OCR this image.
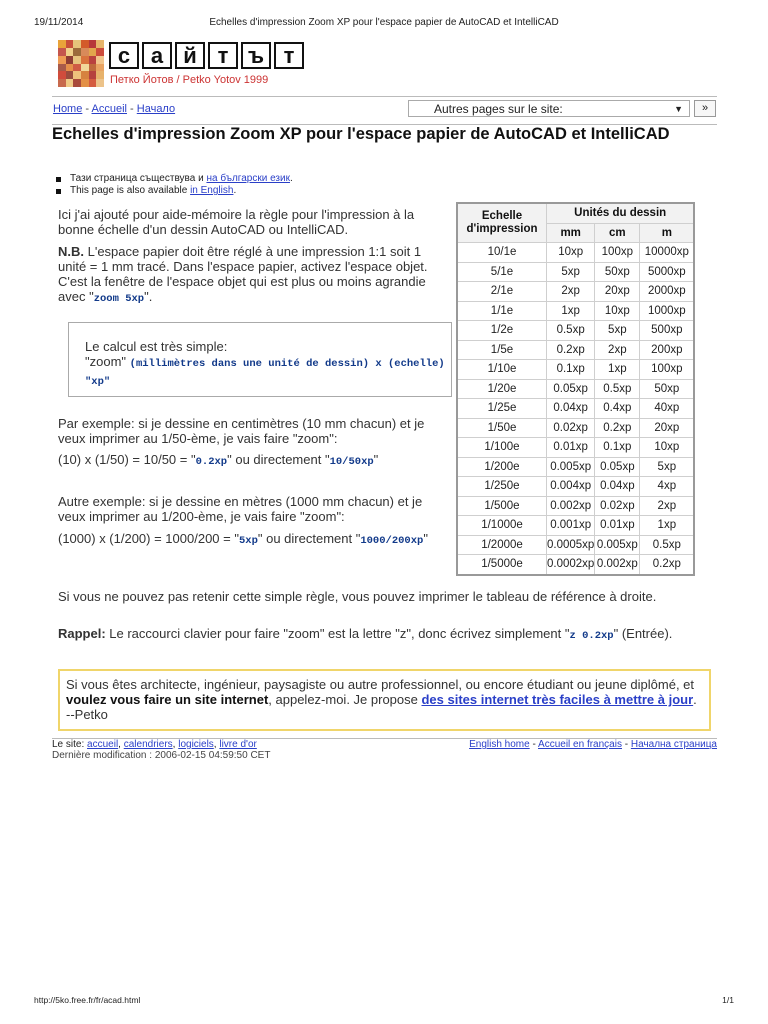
19/11/2014	Echelles d'impression Zoom XP pour l'espace papier de AutoCAD et IntelliCAD
с а й т ъ т
Петко Йотов / Petko Yotov 1999
Home - Accueil - Начало	Autres pages sur le site:	▼	»
Echelles d'impression Zoom XP pour l'espace papier de AutoCAD et IntelliCAD
Тази страница съществува и на български език.
This page is also available in English.
Ici j'ai ajouté pour aide-mémoire la règle pour l'impression à la bonne échelle d'un dessin AutoCAD ou IntelliCAD.
N.B. L'espace papier doit être réglé à une impression 1:1 soit 1 unité = 1 mm tracé. Dans l'espace papier, activez l'espace objet. C'est la fenêtre de l'espace objet qui est plus ou moins agrandie avec "zoom 5xp".
Le calcul est très simple:
"zoom" (millimètres dans une unité de dessin) x (echelle) "xp"
Par exemple: si je dessine en centimètres (10 mm chacun) et je veux imprimer au 1/50-ème, je vais faire "zoom":
(10) x (1/50) = 10/50 = "0.2xp" ou directement "10/50xp"
Autre exemple: si je dessine en mètres (1000 mm chacun) et je veux imprimer au 1/200-ème, je vais faire "zoom":
(1000) x (1/200) = 1000/200 = "5xp" ou directement "1000/200xp"
Echelle d'impression	Unités du dessin		
	mm	cm	m
10/1e	10xp	100xp	10000xp
5/1e	5xp	50xp	5000xp
2/1e	2xp	20xp	2000xp
1/1e	1xp	10xp	1000xp
1/2e	0.5xp	5xp	500xp
1/5e	0.2xp	2xp	200xp
1/10e	0.1xp	1xp	100xp
1/20e	0.05xp	0.5xp	50xp
1/25e	0.04xp	0.4xp	40xp
1/50e	0.02xp	0.2xp	20xp
1/100e	0.01xp	0.1xp	10xp
1/200e	0.005xp	0.05xp	5xp
1/250e	0.004xp	0.04xp	4xp
1/500e	0.002xp	0.02xp	2xp
1/1000e	0.001xp	0.01xp	1xp
1/2000e	0.0005xp	0.005xp	0.5xp
1/5000e	0.0002xp	0.002xp	0.2xp
Si vous ne pouvez pas retenir cette simple règle, vous pouvez imprimer le tableau de référence à droite.
Rappel: Le raccourci clavier pour faire "zoom" est la lettre "z", donc écrivez simplement "z 0.2xp" (Entrée).
Si vous êtes architecte, ingénieur, paysagiste ou autre professionnel, ou encore étudiant ou jeune diplômé, et voulez vous faire un site internet, appelez-moi. Je propose des sites internet très faciles à mettre à jour. --Petko
Le site: accueil, calendriers, logiciels, livre d'or	English home - Accueil en français - Начална страница
Dernière modification : 2006-02-15 04:59:50 CET
http://5ko.free.fr/fr/acad.html	1/1
